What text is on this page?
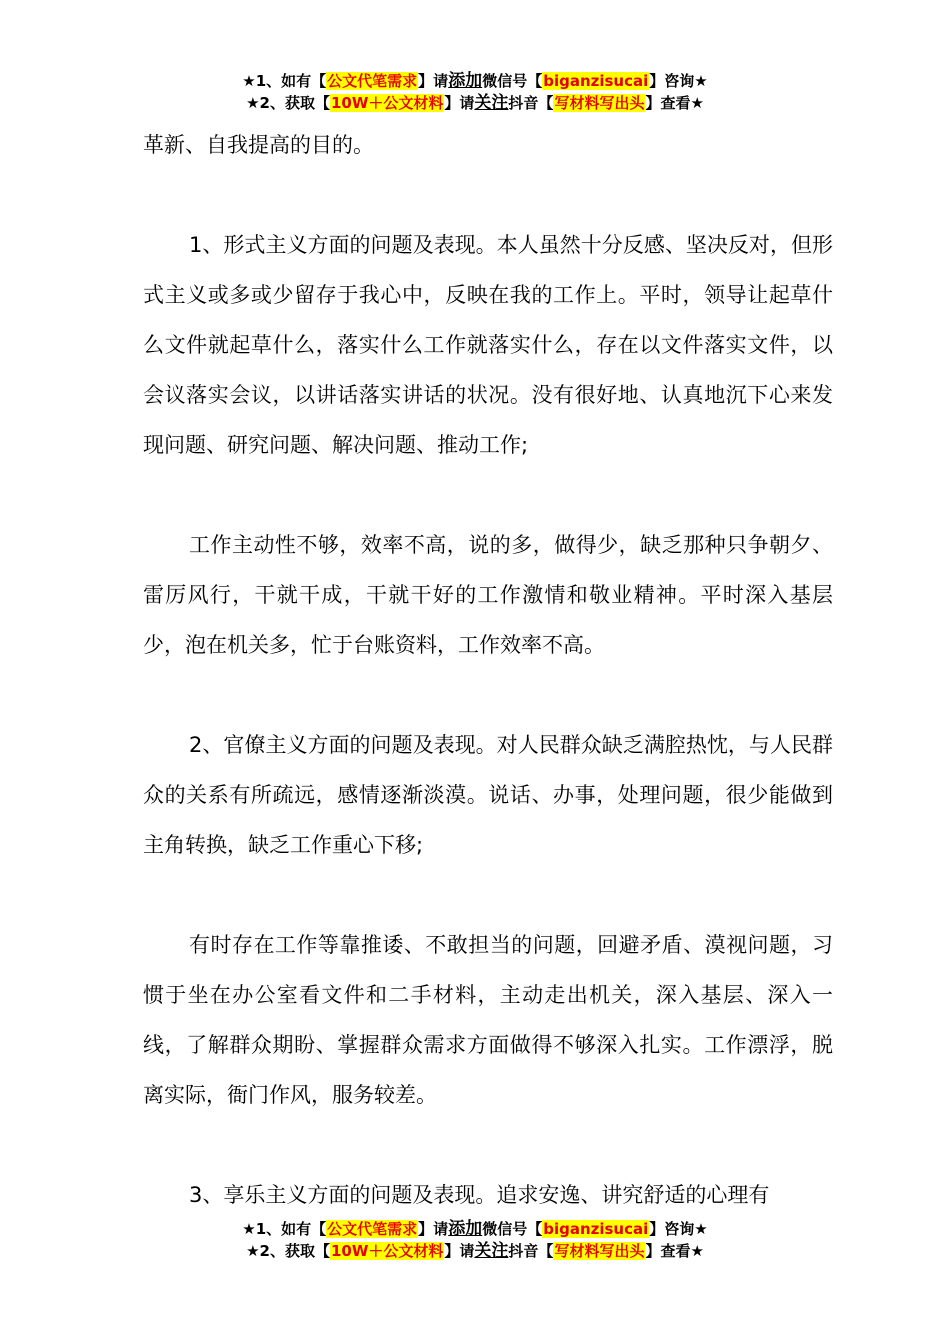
★1、如有【公文代笔需求】请添加微信号【biganzisucai】咨询★
★2、获取【10W＋公文材料】请关注抖音【写材料写出头】查看★

革新、自我提高的目的。

1、形式主义方面的问题及表现。本人虽然十分反感、坚决反对，但形式主义或多或少留存于我心中，反映在我的工作上。平时，领导让起草什么文件就起草什么，落实什么工作就落实什么，存在以文件落实文件，以会议落实会议，以讲话落实讲话的状况。没有很好地、认真地沉下心来发现问题、研究问题、解决问题、推动工作;

工作主动性不够，效率不高，说的多，做得少，缺乏那种只争朝夕、雷厉风行，干就干成，干就干好的工作激情和敬业精神。平时深入基层少，泡在机关多，忙于台账资料，工作效率不高。

2、官僚主义方面的问题及表现。对人民群众缺乏满腔热忱，与人民群众的关系有所疏远，感情逐渐淡漠。说话、办事，处理问题，很少能做到主角转换，缺乏工作重心下移;

有时存在工作等靠推诿、不敢担当的问题，回避矛盾、漠视问题，习惯于坐在办公室看文件和二手材料，主动走出机关，深入基层、深入一线，了解群众期盼、掌握群众需求方面做得不够深入扎实。工作漂浮，脱离实际，衙门作风，服务较差。

3、享乐主义方面的问题及表现。追求安逸、讲究舒适的心理有

★1、如有【公文代笔需求】请添加微信号【biganzisucai】咨询★
★2、获取【10W＋公文材料】请关注抖音【写材料写出头】查看★
